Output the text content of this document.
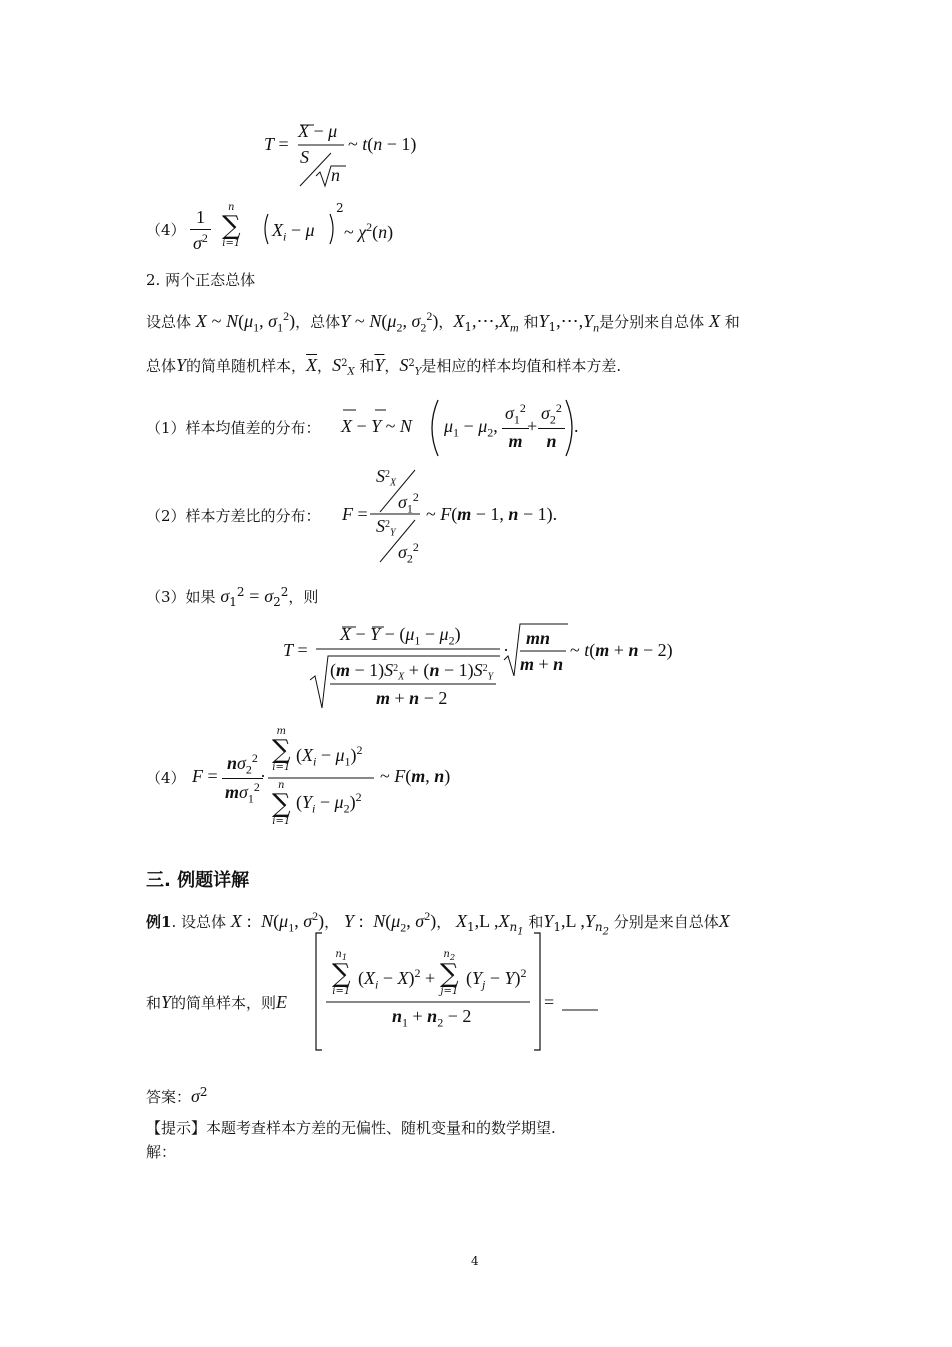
T =
X − μ
S
n
~ t(n − 1)
$(4) \frac{1}{\sigma^2}$	n
∑
i=1
$X_i - \mu$
2
~ $\chi^2(n)$
2. 两个正态总体
设总体 X ~ $N(\mu_1$, $\sigma_1^2$)，总体Y ~ $N(\mu_2$, $\sigma_2^2$)，$X_1,\cdots,X_m$ 和$Y_1,\cdots,Y_n$是分别来自总体 X 和
总体Y的简单随机样本，$\overline{X}$，$S^2_X$ 和$\overline{Y}$，$S^2_Y$是相应的样本均值和样本方差.
（1）样本均值差的分布： X − Y ~ N $\mu_1 - \mu_2$, $\frac{\sigma_1^2}{m}$
+ $\frac{\sigma_2^2}{n}$ .
（2）样本方差比的分布： F =
$S^2_X$
$\sigma_1^2$
$S^2_Y$
$\sigma_2^2$
~ F(m − 1, n − 1).
（3）如果 $\sigma_1^2 = \sigma_2^2$，则
T =
$X - Y - (\mu_1 - \mu_2)$
$(m - 1)S^2_X + (n - 1)S^2_Y$
m + n − 2
·
mn
m + n
~ t(m + n − 2)
（4） $F = \frac{n\sigma_2^2}{m\sigma_1^2}$
·
m
∑
i=1
$(X_i - \mu_1)^2$
n
∑
i=1
$(Y_i - \mu_2)^2$
~ F(m, n)
三. 例题详解
例1. 设总体 X : $N(\mu_1$, $\sigma^2$)， Y : $N(\mu_2$, $\sigma^2$)， $X_1,L$ $,X_{n_1}$ 和$Y_1,L$ $,Y_{n_2}$ 分别是来自总体X
和Y的简单样本，则E
$n_1$
∑
i=1
$(X_i - X)^2$ +
$n_2$
∑
j=1
$(Y_j - Y)^2$
$n_1 + n_2 - 2$
=
答案：$\sigma^2$
【提示】本题考查样本方差的无偏性、随机变量和的数学期望.
解：
4
